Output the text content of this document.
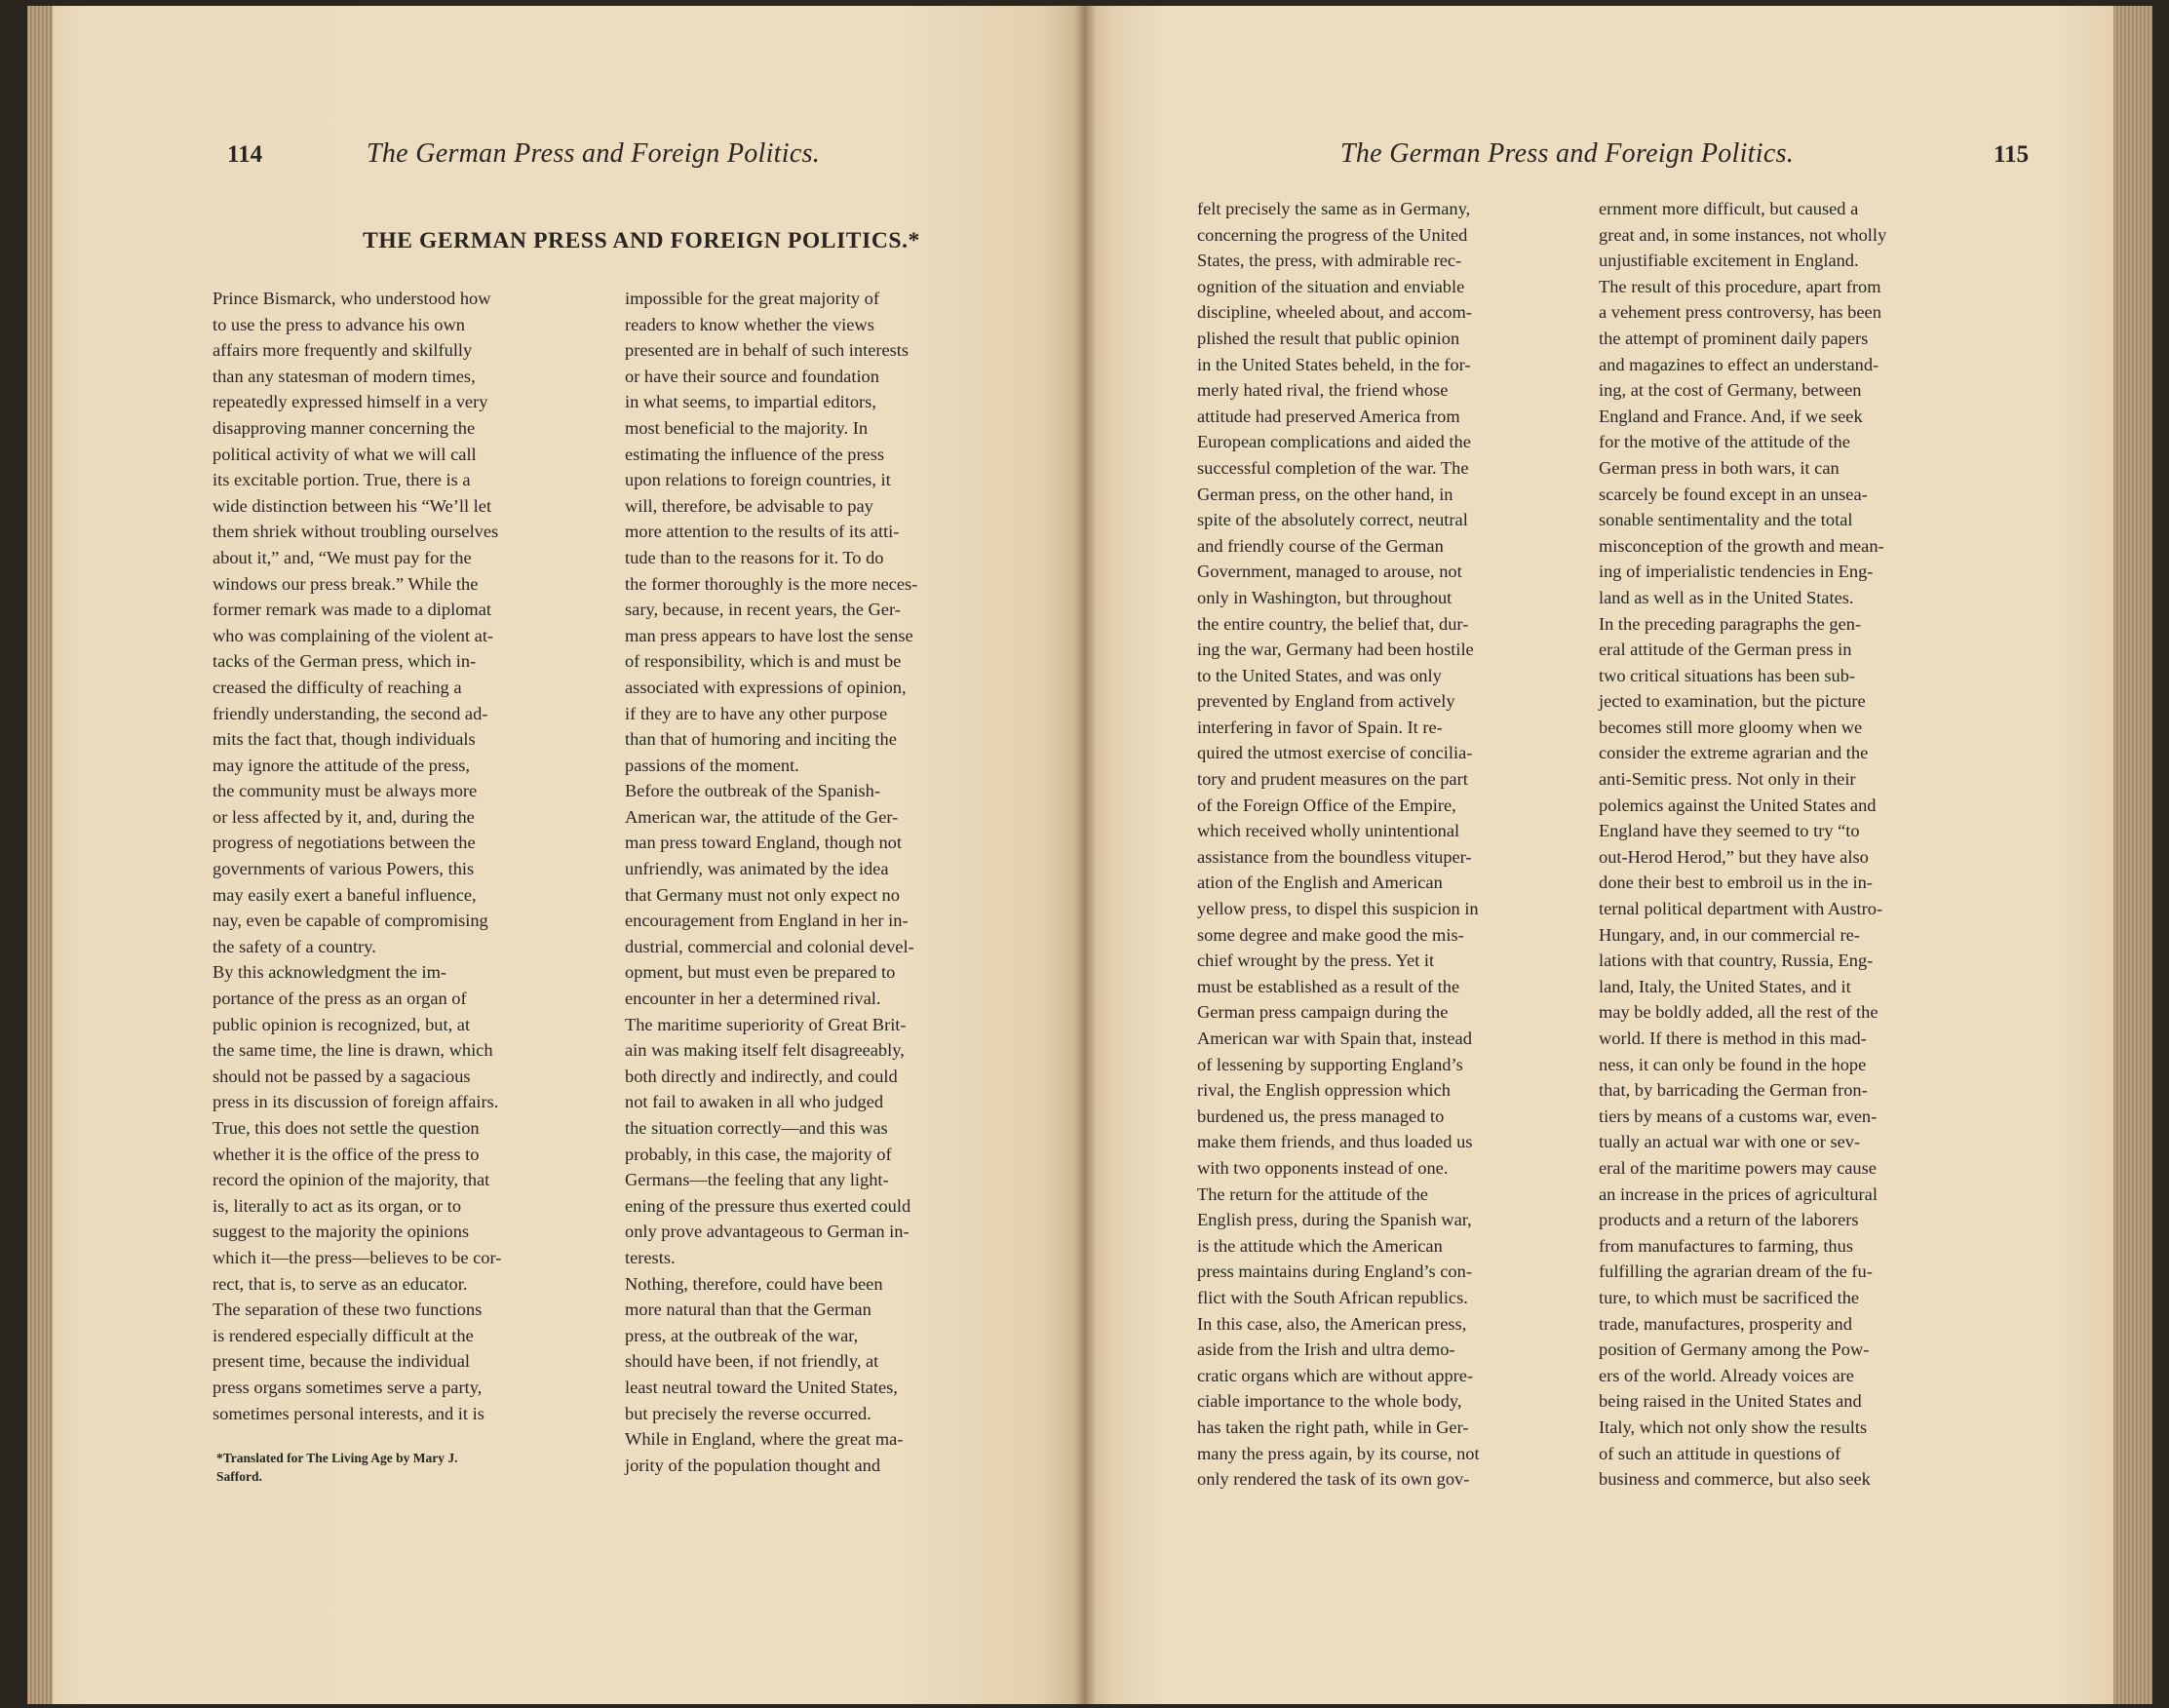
114	The German Press and Foreign Politics.
THE GERMAN PRESS AND FOREIGN POLITICS.*
Prince Bismarck, who understood how
to use the press to advance his own
affairs more frequently and skilfully
than any statesman of modern times,
repeatedly expressed himself in a very
disapproving manner concerning the
political activity of what we will call
its excitable portion. True, there is a
wide distinction between his “We’ll let
them shriek without troubling ourselves
about it,” and, “We must pay for the
windows our press break.” While the
former remark was made to a diplomat
who was complaining of the violent at-
tacks of the German press, which in-
creased the difficulty of reaching a
friendly understanding, the second ad-
mits the fact that, though individuals
may ignore the attitude of the press,
the community must be always more
or less affected by it, and, during the
progress of negotiations between the
governments of various Powers, this
may easily exert a baneful influence,
nay, even be capable of compromising
the safety of a country.
By this acknowledgment the im-
portance of the press as an organ of
public opinion is recognized, but, at
the same time, the line is drawn, which
should not be passed by a sagacious
press in its discussion of foreign affairs.
True, this does not settle the question
whether it is the office of the press to
record the opinion of the majority, that
is, literally to act as its organ, or to
suggest to the majority the opinions
which it—the press—believes to be cor-
rect, that is, to serve as an educator.
The separation of these two functions
is rendered especially difficult at the
present time, because the individual
press organs sometimes serve a party,
sometimes personal interests, and it is
impossible for the great majority of
readers to know whether the views
presented are in behalf of such interests
or have their source and foundation
in what seems, to impartial editors,
most beneficial to the majority. In
estimating the influence of the press
upon relations to foreign countries, it
will, therefore, be advisable to pay
more attention to the results of its atti-
tude than to the reasons for it. To do
the former thoroughly is the more neces-
sary, because, in recent years, the Ger-
man press appears to have lost the sense
of responsibility, which is and must be
associated with expressions of opinion,
if they are to have any other purpose
than that of humoring and inciting the
passions of the moment.
Before the outbreak of the Spanish-
American war, the attitude of the Ger-
man press toward England, though not
unfriendly, was animated by the idea
that Germany must not only expect no
encouragement from England in her in-
dustrial, commercial and colonial devel-
opment, but must even be prepared to
encounter in her a determined rival.
The maritime superiority of Great Brit-
ain was making itself felt disagreeably,
both directly and indirectly, and could
not fail to awaken in all who judged
the situation correctly—and this was
probably, in this case, the majority of
Germans—the feeling that any light-
ening of the pressure thus exerted could
only prove advantageous to German in-
terests.
Nothing, therefore, could have been
more natural than that the German
press, at the outbreak of the war,
should have been, if not friendly, at
least neutral toward the United States,
but precisely the reverse occurred.
While in England, where the great ma-
jority of the population thought and
*Translated for The Living Age by Mary J.
Safford.
The German Press and Foreign Politics.	115
felt precisely the same as in Germany,
concerning the progress of the United
States, the press, with admirable rec-
ognition of the situation and enviable
discipline, wheeled about, and accom-
plished the result that public opinion
in the United States beheld, in the for-
merly hated rival, the friend whose
attitude had preserved America from
European complications and aided the
successful completion of the war. The
German press, on the other hand, in
spite of the absolutely correct, neutral
and friendly course of the German
Government, managed to arouse, not
only in Washington, but throughout
the entire country, the belief that, dur-
ing the war, Germany had been hostile
to the United States, and was only
prevented by England from actively
interfering in favor of Spain. It re-
quired the utmost exercise of concilia-
tory and prudent measures on the part
of the Foreign Office of the Empire,
which received wholly unintentional
assistance from the boundless vituper-
ation of the English and American
yellow press, to dispel this suspicion in
some degree and make good the mis-
chief wrought by the press. Yet it
must be established as a result of the
German press campaign during the
American war with Spain that, instead
of lessening by supporting England’s
rival, the English oppression which
burdened us, the press managed to
make them friends, and thus loaded us
with two opponents instead of one.
The return for the attitude of the
English press, during the Spanish war,
is the attitude which the American
press maintains during England’s con-
flict with the South African republics.
In this case, also, the American press,
aside from the Irish and ultra demo-
cratic organs which are without appre-
ciable importance to the whole body,
has taken the right path, while in Ger-
many the press again, by its course, not
only rendered the task of its own gov-
ernment more difficult, but caused a
great and, in some instances, not wholly
unjustifiable excitement in England.
The result of this procedure, apart from
a vehement press controversy, has been
the attempt of prominent daily papers
and magazines to effect an understand-
ing, at the cost of Germany, between
England and France. And, if we seek
for the motive of the attitude of the
German press in both wars, it can
scarcely be found except in an unsea-
sonable sentimentality and the total
misconception of the growth and mean-
ing of imperialistic tendencies in Eng-
land as well as in the United States.
In the preceding paragraphs the gen-
eral attitude of the German press in
two critical situations has been sub-
jected to examination, but the picture
becomes still more gloomy when we
consider the extreme agrarian and the
anti-Semitic press. Not only in their
polemics against the United States and
England have they seemed to try “to
out-Herod Herod,” but they have also
done their best to embroil us in the in-
ternal political department with Austro-
Hungary, and, in our commercial re-
lations with that country, Russia, Eng-
land, Italy, the United States, and it
may be boldly added, all the rest of the
world. If there is method in this mad-
ness, it can only be found in the hope
that, by barricading the German fron-
tiers by means of a customs war, even-
tually an actual war with one or sev-
eral of the maritime powers may cause
an increase in the prices of agricultural
products and a return of the laborers
from manufactures to farming, thus
fulfilling the agrarian dream of the fu-
ture, to which must be sacrificed the
trade, manufactures, prosperity and
position of Germany among the Pow-
ers of the world. Already voices are
being raised in the United States and
Italy, which not only show the results
of such an attitude in questions of
business and commerce, but also seek
